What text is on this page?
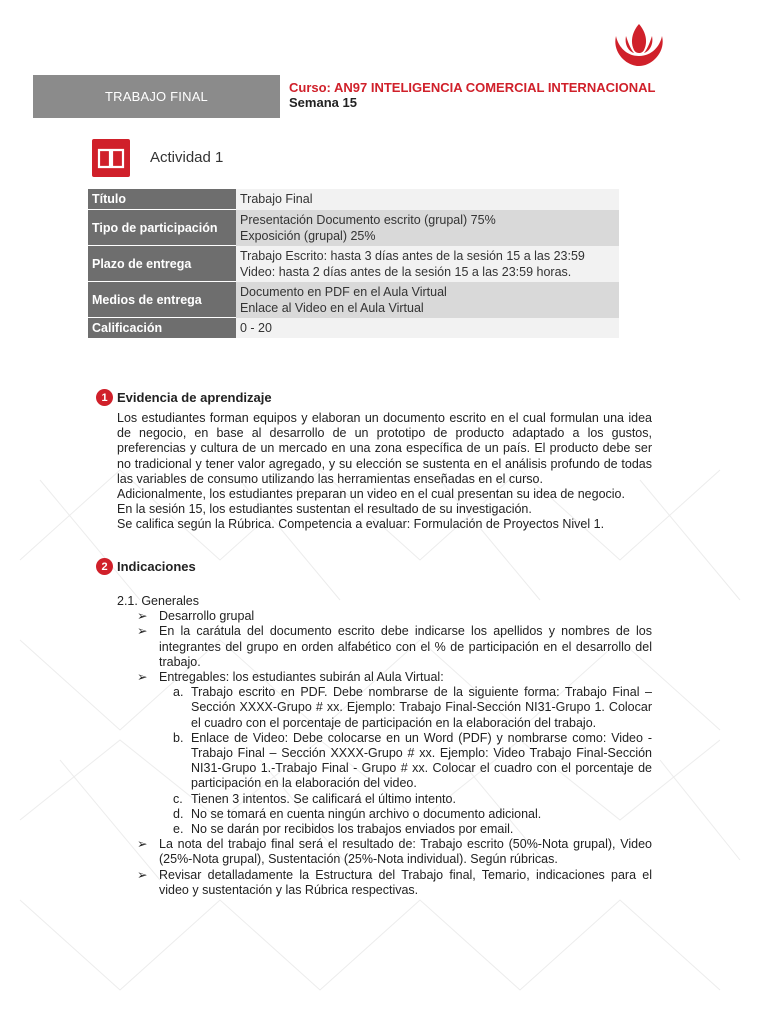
TRABAJO FINAL
Curso: AN97 INTELIGENCIA COMERCIAL INTERNACIONAL
Semana 15
Actividad 1
Título	Trabajo Final

Tipo de participación	Presentación Documento escrito (grupal) 75%
Exposición (grupal) 25%

Plazo de entrega	Trabajo Escrito: hasta 3 días antes de la sesión 15 a las 23:59
Video: hasta 2 días antes de la sesión 15 a las 23:59 horas.

Medios de entrega	Documento en PDF en el Aula Virtual
Enlace al Video en el Aula Virtual

Calificación	0 - 20
1 Evidencia de aprendizaje

Los estudiantes forman equipos y elaboran un documento escrito en el cual formulan una idea de negocio, en base al desarrollo de un prototipo de producto adaptado a los gustos, preferencias y cultura de un mercado en una zona específica de un país. El producto debe ser no tradicional y tener valor agregado, y su elección se sustenta en el análisis profundo de todas las variables de consumo utilizando las herramientas enseñadas en el curso.

Adicionalmente, los estudiantes preparan un video en el cual presentan su idea de negocio.

En la sesión 15, los estudiantes sustentan el resultado de su investigación.

Se califica según la Rúbrica. Competencia a evaluar: Formulación de Proyectos Nivel 1.

2 Indicaciones

2.1. Generales

➢ Desarrollo grupal
➢ En la carátula del documento escrito debe indicarse los apellidos y nombres de los integrantes del grupo en orden alfabético con el % de participación en el desarrollo del trabajo.
➢ Entregables: los estudiantes subirán al Aula Virtual:
a. Trabajo escrito en PDF. Debe nombrarse de la siguiente forma: Trabajo Final – Sección XXXX-Grupo # xx. Ejemplo: Trabajo Final-Sección NI31-Grupo 1. Colocar el cuadro con el porcentaje de participación en la elaboración del trabajo.
b. Enlace de Video: Debe colocarse en un Word (PDF) y nombrarse como: Video - Trabajo Final – Sección XXXX-Grupo # xx. Ejemplo: Video Trabajo Final-Sección NI31-Grupo 1.-Trabajo Final - Grupo # xx. Colocar el cuadro con el porcentaje de participación en la elaboración del video.
c. Tienen 3 intentos. Se calificará el último intento.
d. No se tomará en cuenta ningún archivo o documento adicional.
e. No se darán por recibidos los trabajos enviados por email.
➢ La nota del trabajo final será el resultado de: Trabajo escrito (50%-Nota grupal), Video (25%-Nota grupal), Sustentación (25%-Nota individual). Según rúbricas.
➢ Revisar detalladamente la Estructura del Trabajo final, Temario, indicaciones para el video y sustentación y las Rúbrica respectivas.
